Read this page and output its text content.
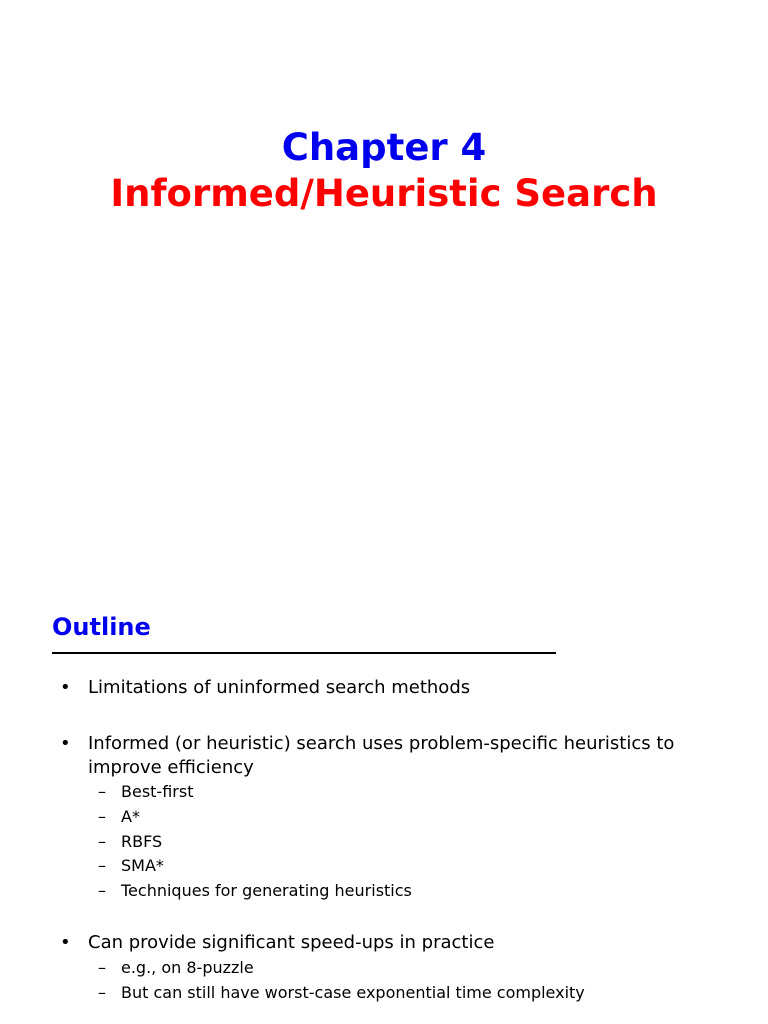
Chapter 4
Informed/Heuristic Search
Outline
• Limitations of uninformed search methods
• Informed (or heuristic) search uses problem-specific heuristics to improve efficiency
– Best-first
– A*
– RBFS
– SMA*
– Techniques for generating heuristics
• Can provide significant speed-ups in practice
– e.g., on 8-puzzle
– But can still have worst-case exponential time complexity
